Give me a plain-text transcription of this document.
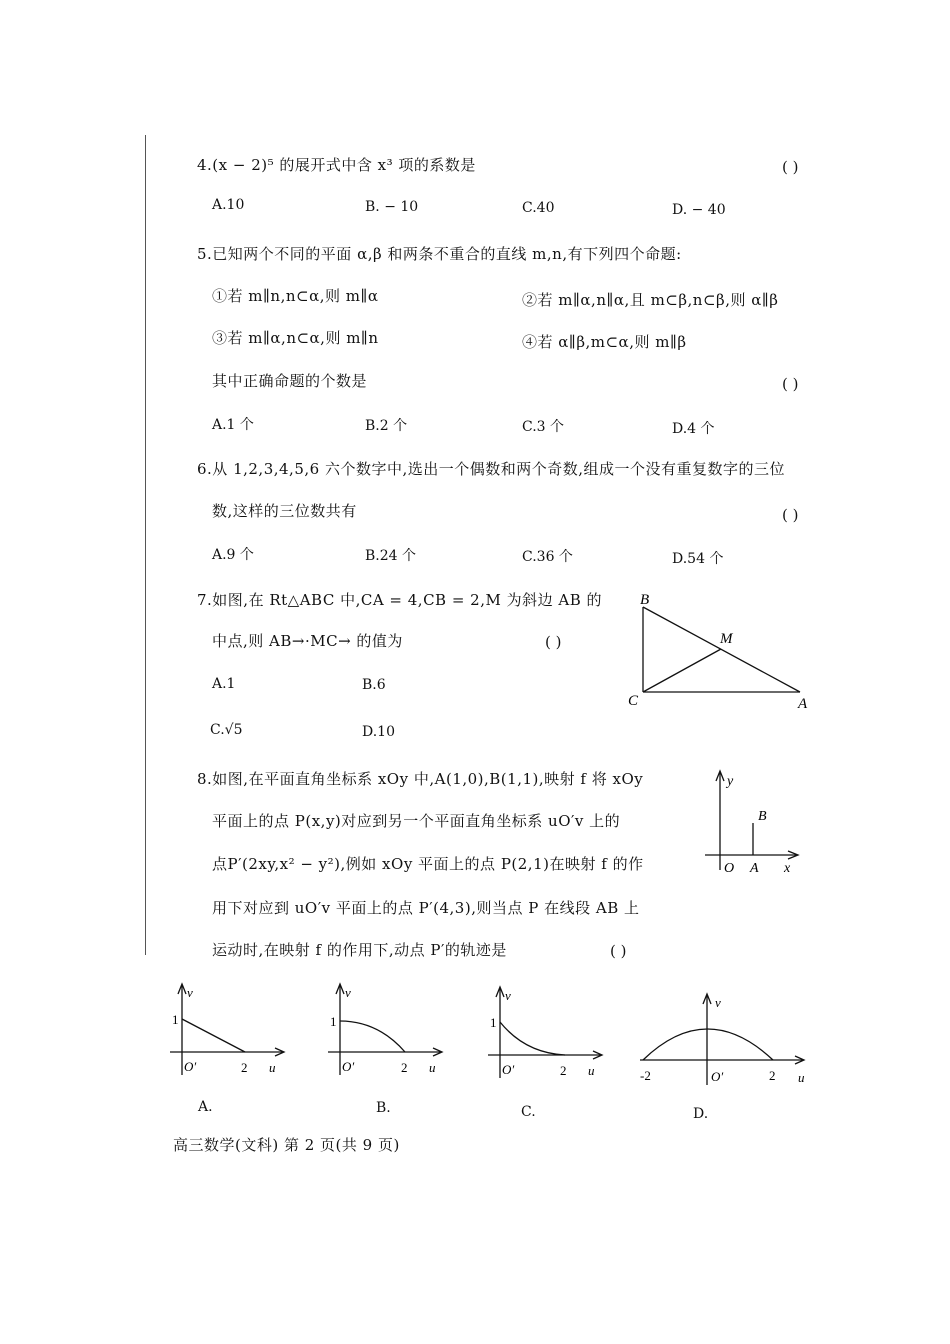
4.(x − 2)⁵ 的展开式中含 x³ 项的系数是	( )
A.10	B. − 10	C.40	D. − 40
5.已知两个不同的平面 α,β 和两条不重合的直线 m,n,有下列四个命题:
①若 m∥n,n⊂α,则 m∥α	②若 m∥α,n∥α,且 m⊂β,n⊂β,则 α∥β
③若 m∥α,n⊂α,则 m∥n	④若 α∥β,m⊂α,则 m∥β
其中正确命题的个数是	( )
A.1 个	B.2 个	C.3 个	D.4 个
6.从 1,2,3,4,5,6 六个数字中,选出一个偶数和两个奇数,组成一个没有重复数字的三位
数,这样的三位数共有	( )
A.9 个	B.24 个	C.36 个	D.54 个
7.如图,在 Rt△ABC 中,CA = 4,CB = 2,M 为斜边 AB 的
中点,则 AB→·MC→ 的值为	( )
A.1	B.6
C.√5	D.10
B
M
C	A
8.如图,在平面直角坐标系 xOy 中,A(1,0),B(1,1),映射 f 将 xOy
平面上的点 P(x,y)对应到另一个平面直角坐标系 uO′v 上的
点P′(2xy,x² − y²),例如 xOy 平面上的点 P(2,1)在映射 f 的作
用下对应到 uO′v 平面上的点 P′(4,3),则当点 P 在线段 AB 上
运动时,在映射 f 的作用下,动点 P′的轨迹是	( )
y
B
O A x
v
1
O′	2 u
A.
v
1
O′	2 u
B.
v
1
O′	2 u
C.
v
-2	O′	2 u
D.
高三数学(文科) 第 2 页(共 9 页)
